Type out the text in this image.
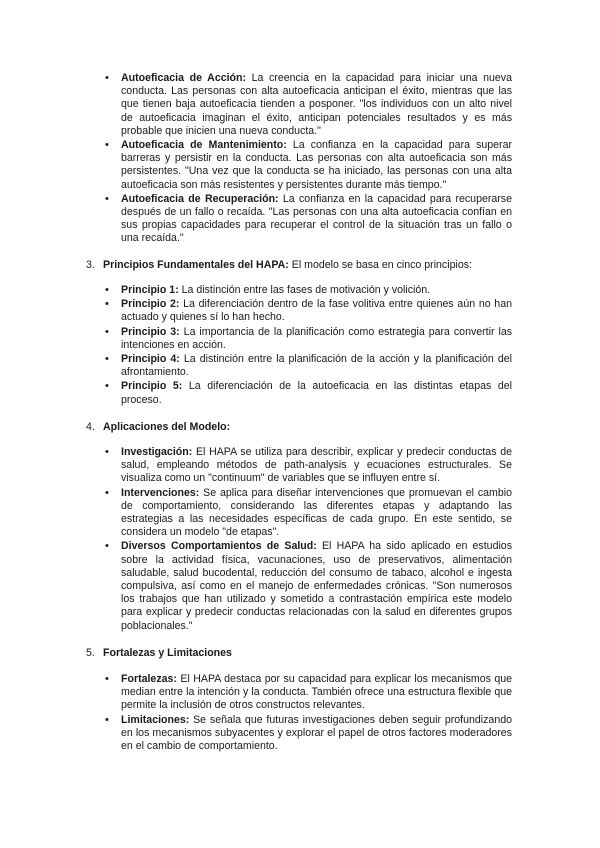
• Autoeficacia de Acción: La creencia en la capacidad para iniciar una nueva conducta. Las personas con alta autoeficacia anticipan el éxito, mientras que las que tienen baja autoeficacia tienden a posponer. "los individuos con un alto nivel de autoeficacia imaginan el éxito, anticipan potenciales resultados y es más probable que inicien una nueva conducta."
• Autoeficacia de Mantenimiento: La confianza en la capacidad para superar barreras y persistir en la conducta. Las personas con alta autoeficacia son más persistentes. "Una vez que la conducta se ha iniciado, las personas con una alta autoeficacia son más resistentes y persistentes durante más tiempo."
• Autoeficacia de Recuperación: La confianza en la capacidad para recuperarse después de un fallo o recaída. "Las personas con una alta autoeficacia confían en sus propias capacidades para recuperar el control de la situación tras un fallo o una recaída."
3. Principios Fundamentales del HAPA: El modelo se basa en cinco principios:
• Principio 1: La distinción entre las fases de motivación y volición.
• Principio 2: La diferenciación dentro de la fase volitiva entre quienes aún no han actuado y quienes sí lo han hecho.
• Principio 3: La importancia de la planificación como estrategia para convertir las intenciones en acción.
• Principio 4: La distinción entre la planificación de la acción y la planificación del afrontamiento.
• Principio 5: La diferenciación de la autoeficacia en las distintas etapas del proceso.
4. Aplicaciones del Modelo:
• Investigación: El HAPA se utiliza para describir, explicar y predecir conductas de salud, empleando métodos de path-analysis y ecuaciones estructurales. Se visualiza como un "continuum" de variables que se influyen entre sí.
• Intervenciones: Se aplica para diseñar intervenciones que promuevan el cambio de comportamiento, considerando las diferentes etapas y adaptando las estrategias a las necesidades específicas de cada grupo. En este sentido, se considera un modelo "de etapas".
• Diversos Comportamientos de Salud: El HAPA ha sido aplicado en estudios sobre la actividad física, vacunaciones, uso de preservativos, alimentación saludable, salud bucodental, reducción del consumo de tabaco, alcohol e ingesta compulsiva, así como en el manejo de enfermedades crónicas. "Son numerosos los trabajos que han utilizado y sometido a contrastación empírica este modelo para explicar y predecir conductas relacionadas con la salud en diferentes grupos poblacionales."
5. Fortalezas y Limitaciones
• Fortalezas: El HAPA destaca por su capacidad para explicar los mecanismos que median entre la intención y la conducta. También ofrece una estructura flexible que permite la inclusión de otros constructos relevantes.
• Limitaciones: Se señala que futuras investigaciones deben seguir profundizando en los mecanismos subyacentes y explorar el papel de otros factores moderadores en el cambio de comportamiento.
